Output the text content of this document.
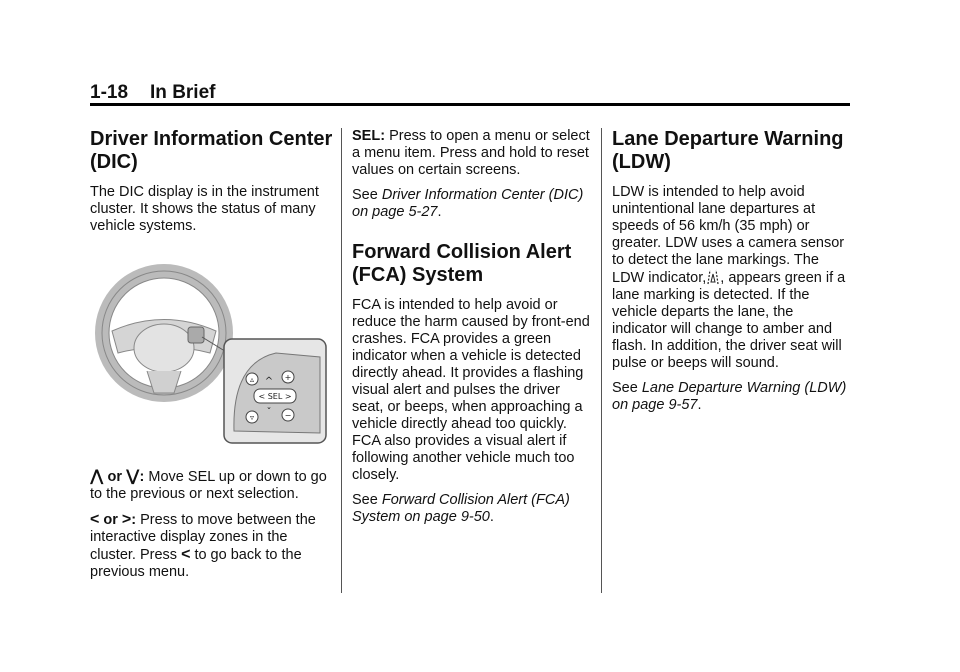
1-18 In Brief
Driver Information Center (DIC)

The DIC display is in the instrument cluster. It shows the status of many vehicle systems.

▵	+
^
< SEL >
▿ ˇ −

⋀ or ⋁: Move SEL up or down to go to the previous or next selection.

< or >: Press to move between the interactive display zones in the cluster. Press < to go back to the previous menu.

SEL: Press to open a menu or select a menu item. Press and hold to reset values on certain screens.

See Driver Information Center (DIC) on page 5-27.

Forward Collision Alert (FCA) System

FCA is intended to help avoid or reduce the harm caused by front-end crashes. FCA provides a green indicator when a vehicle is detected directly ahead. It provides a flashing visual alert and pulses the driver seat, or beeps, when approaching a vehicle directly ahead too quickly. FCA also provides a visual alert if following another vehicle much too closely.

See Forward Collision Alert (FCA) System on page 9-50.

Lane Departure Warning (LDW)

LDW is intended to help avoid unintentional lane departures at speeds of 56 km/h (35 mph) or greater. LDW uses a camera sensor to detect the lane markings. The LDW indicator, , appears green if a lane marking is detected. If the vehicle departs the lane, the indicator will change to amber and flash. In addition, the driver seat will pulse or beeps will sound.

See Lane Departure Warning (LDW) on page 9-57.
